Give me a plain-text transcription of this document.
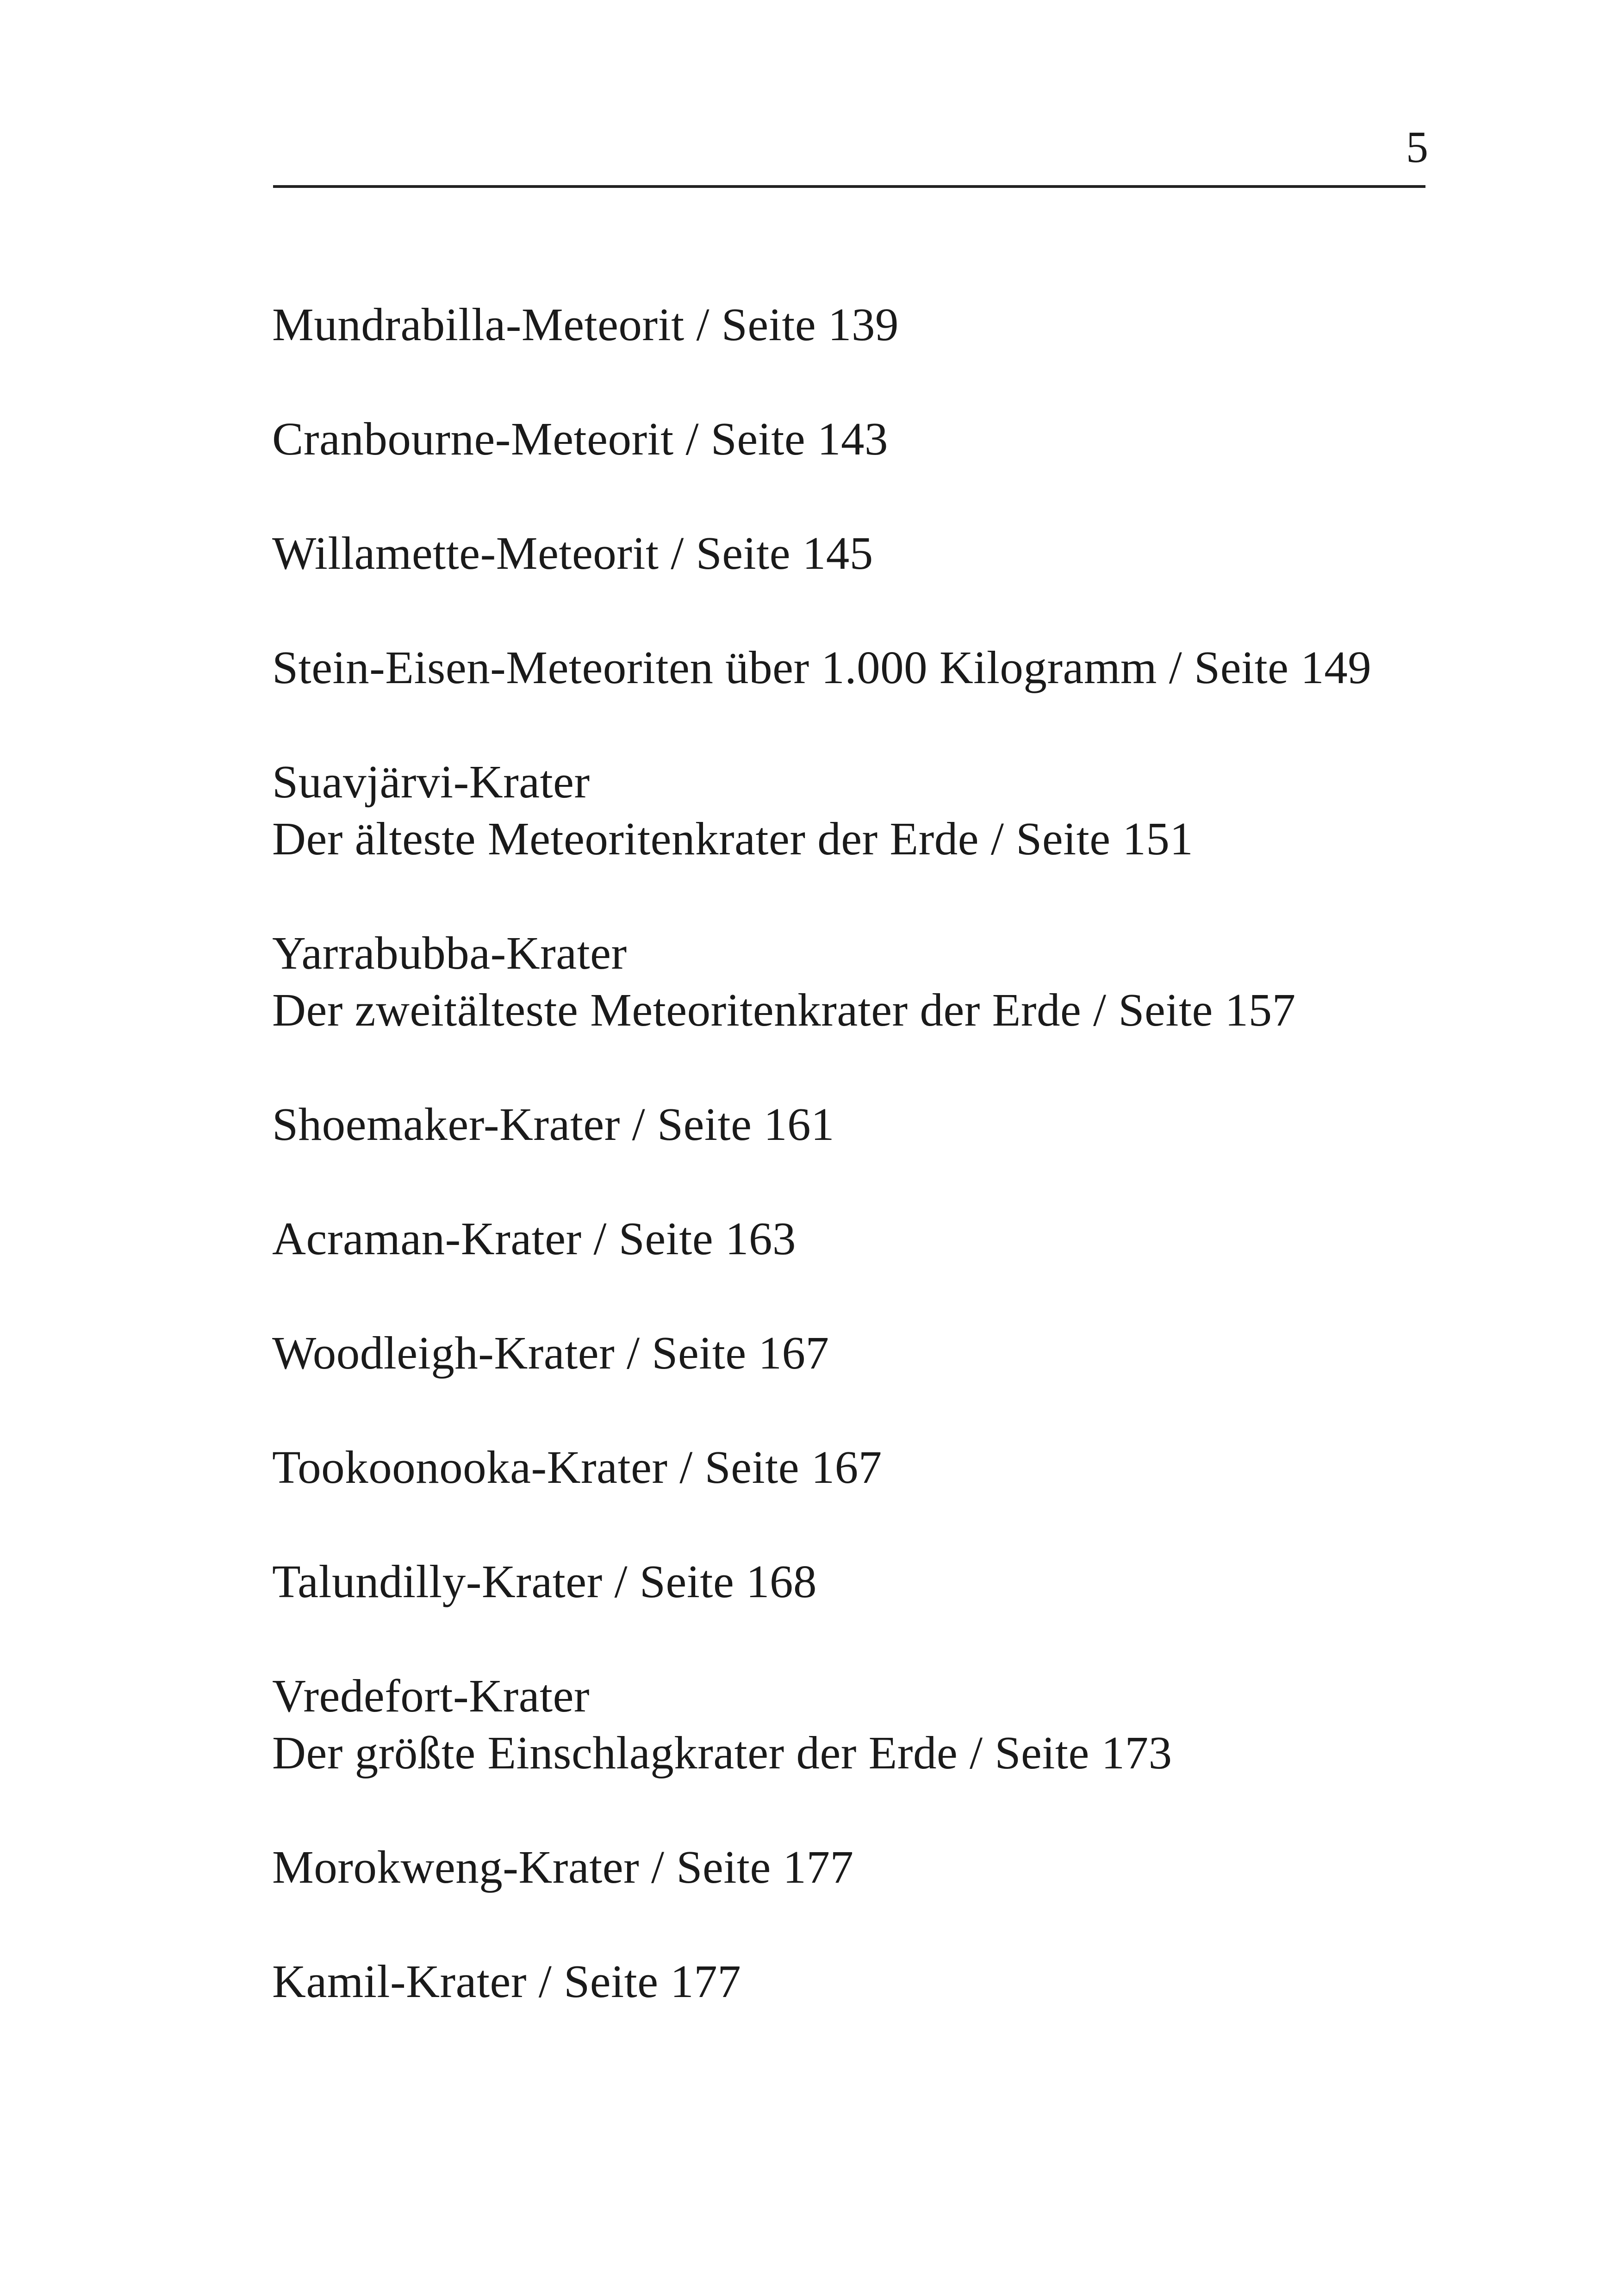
5
Mundrabilla-Meteorit / Seite 139
Cranbourne-Meteorit / Seite 143
Willamette-Meteorit / Seite 145
Stein-Eisen-Meteoriten über 1.000 Kilogramm / Seite 149
Suavjärvi-Krater
Der älteste Meteoritenkrater der Erde / Seite 151
Yarrabubba-Krater
Der zweitälteste Meteoritenkrater der Erde / Seite 157
Shoemaker-Krater / Seite 161
Acraman-Krater / Seite 163
Woodleigh-Krater / Seite 167
Tookoonooka-Krater / Seite 167
Talundilly-Krater / Seite 168
Vredefort-Krater
Der größte Einschlagkrater der Erde / Seite 173
Morokweng-Krater / Seite 177
Kamil-Krater / Seite 177
